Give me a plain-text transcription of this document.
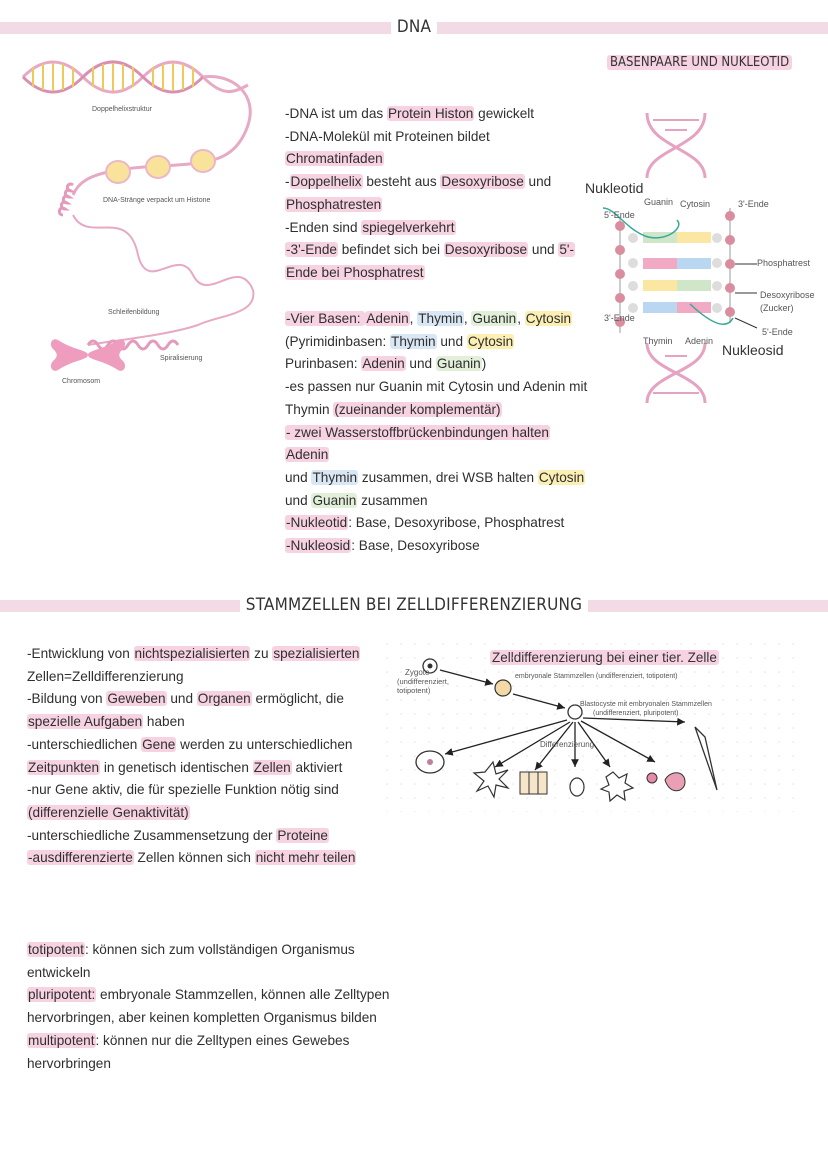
DNA
Doppelhelixstruktur
DNA-Stränge verpackt um Histone
Schleifenbildung
Spiralisierung
Chromosom

-DNA ist um das Protein Histon gewickelt

-DNA-Molekül mit Proteinen bildet Chromatinfaden

-Doppelhelix besteht aus Desoxyribose und

Phosphatresten

-Enden sind spiegelverkehrt

-3'-Ende befindet sich bei Desoxyribose und 5'-

Ende bei Phosphatrest

-Vier Basen: Adenin, Thymin, Guanin, Cytosin

(Pyrimidinbasen: Thymin und Cytosin

Purinbasen: Adenin und Guanin)

-es passen nur Guanin mit Cytosin und Adenin mit

Thymin (zueinander komplementär)

- zwei Wasserstoffbrückenbindungen halten Adenin

und Thymin zusammen, drei WSB halten Cytosin

und Guanin zusammen

-Nukleotid: Base, Desoxyribose, Phosphatrest

-Nukleosid: Base, Desoxyribose

BASENPAARE UND NUKLEOTID
Nukleotid
Guanin Cytosin	3'-Ende
5'-Ende
Phosphatrest
Desoxyribose
(Zucker)
3'-Ende
5'-Ende
Thymin Adenin
Nukleosid
STAMMZELLEN BEI ZELLDIFFERENZIERUNG

-Entwicklung von nichtspezialisierten zu spezialisierten

Zellen=Zelldifferenzierung

-Bildung von Geweben und Organen ermöglicht, die

spezielle Aufgaben haben

-unterschiedlichen Gene werden zu unterschiedlichen

Zeitpunkten in genetisch identischen Zellen aktiviert

-nur Gene aktiv, die für spezielle Funktion nötig sind

(differenzielle Genaktivität)

-unterschiedliche Zusammensetzung der Proteine

-ausdifferenzierte Zellen können sich nicht mehr teilen

Zygote
(undifferenziert, totipotent)
embryonale Stammzellen (undifferenziert, totipotent)
Blastocyste mit embryonalen Stammzellen
(undifferenziert, pluripotent)
Differenzierung

totipotent: können sich zum vollständigen Organismus

entwickeln

pluripotent: embryonale Stammzellen, können alle Zelltypen

hervorbringen, aber keinen kompletten Organismus bilden

multipotent: können nur die Zelltypen eines Gewebes

hervorbringen
